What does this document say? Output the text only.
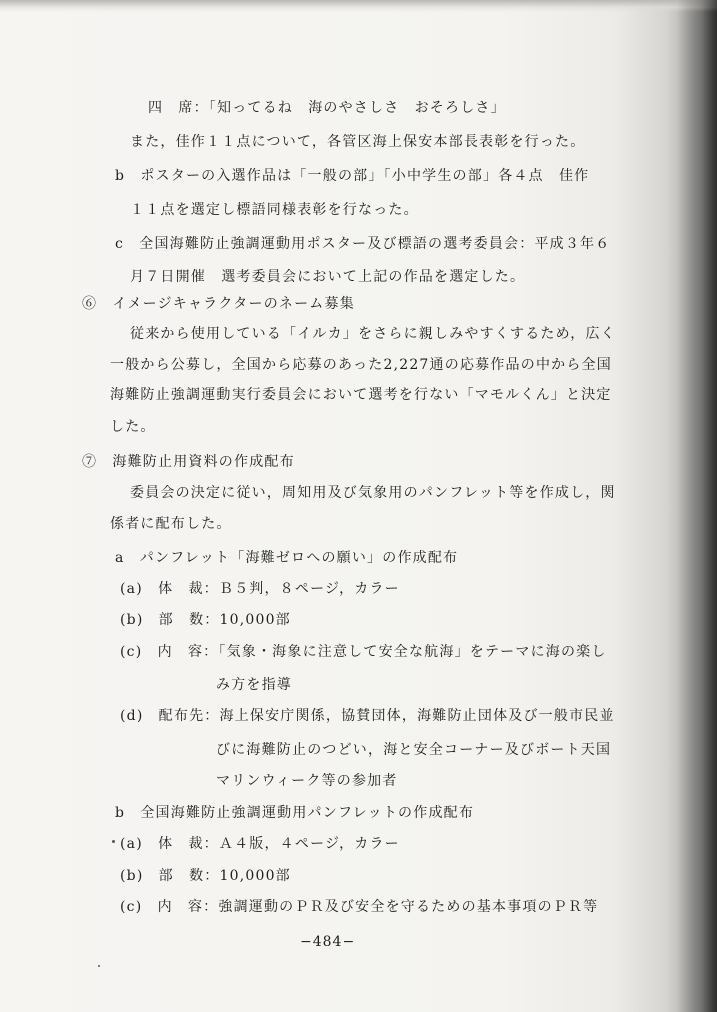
四　席：「知ってるね　海のやさしさ　おそろしさ」
また，佳作１１点について，各管区海上保安本部長表彰を行った。
b　ポスターの入選作品は「一般の部」「小中学生の部」各４点　佳作
１１点を選定し標語同様表彰を行なった。
c　全国海難防止強調運動用ポスター及び標語の選考委員会：平成３年６
月７日開催　選考委員会において上記の作品を選定した。
⑥　イメージキャラクターのネーム募集
従来から使用している「イルカ」をさらに親しみやすくするため，広く
一般から公募し，全国から応募のあった2,227通の応募作品の中から全国
海難防止強調運動実行委員会において選考を行ない「マモルくん」と決定
した。
⑦　海難防止用資料の作成配布
委員会の決定に従い，周知用及び気象用のパンフレット等を作成し，関
係者に配布した。
a　パンフレット「海難ゼロへの願い」の作成配布
(a)　体　裁：Ｂ５判，８ページ，カラー
(b)　部　数：10,000部
(c)　内　容：「気象・海象に注意して安全な航海」をテーマに海の楽し
み方を指導
(d)　配布先：海上保安庁関係，協賛団体，海難防止団体及び一般市民並
びに海難防止のつどい，海と安全コーナー及びボート天国
マリンウィーク等の参加者
b　全国海難防止強調運動用パンフレットの作成配布
(a)　体　裁：Ａ４版，４ページ，カラー
(b)　部　数：10,000部
(c)　内　容：強調運動のＰＲ及び安全を守るための基本事項のＰＲ等
−484−
